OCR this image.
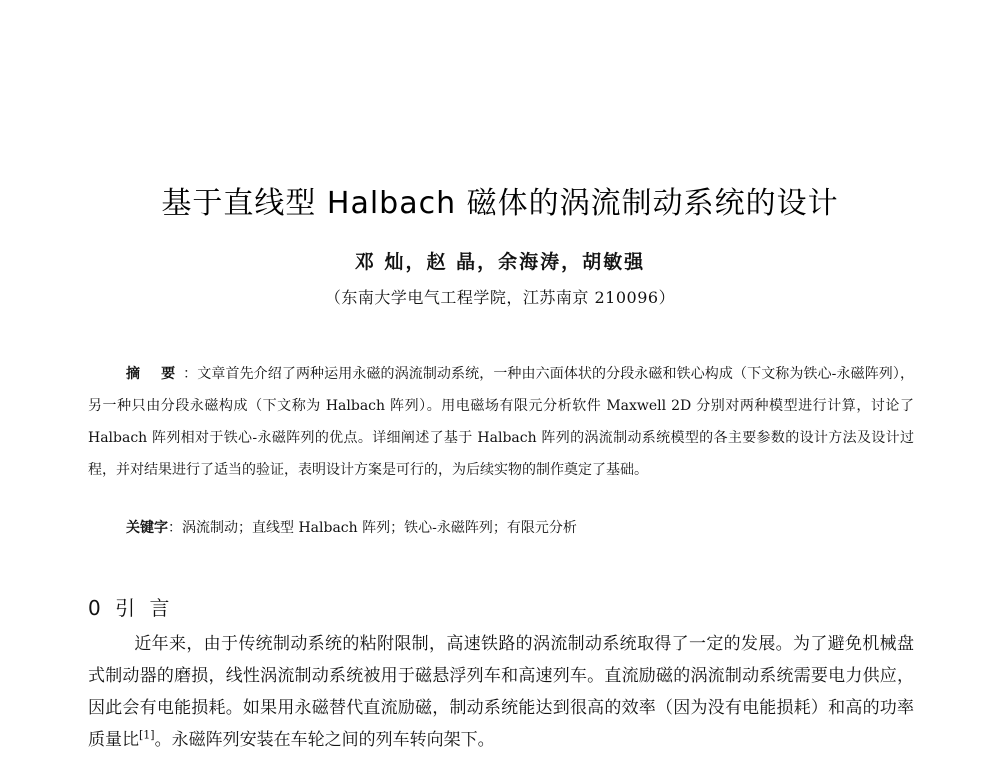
基于直线型 Halbach 磁体的涡流制动系统的设计
邓 灿，赵 晶，余海涛，胡敏强
（东南大学电气工程学院，江苏南京 210096）
摘 要：文章首先介绍了两种运用永磁的涡流制动系统，一种由六面体状的分段永磁和铁心构成（下文称为铁心-永磁阵列），另一种只由分段永磁构成（下文称为 Halbach 阵列）。用电磁场有限元分析软件 Maxwell 2D 分别对两种模型进行计算，讨论了 Halbach 阵列相对于铁心-永磁阵列的优点。详细阐述了基于 Halbach 阵列的涡流制动系统模型的各主要参数的设计方法及设计过程，并对结果进行了适当的验证，表明设计方案是可行的，为后续实物的制作奠定了基础。
关键字：涡流制动；直线型 Halbach 阵列；铁心-永磁阵列；有限元分析
0 引 言
近年来，由于传统制动系统的粘附限制，高速铁路的涡流制动系统取得了一定的发展。为了避免机械盘式制动器的磨损，线性涡流制动系统被用于磁悬浮列车和高速列车。直流励磁的涡流制动系统需要电力供应，因此会有电能损耗。如果用永磁替代直流励磁，制动系统能达到很高的效率（因为没有电能损耗）和高的功率质量比[1]。永磁阵列安装在车轮之间的列车转向架下。
